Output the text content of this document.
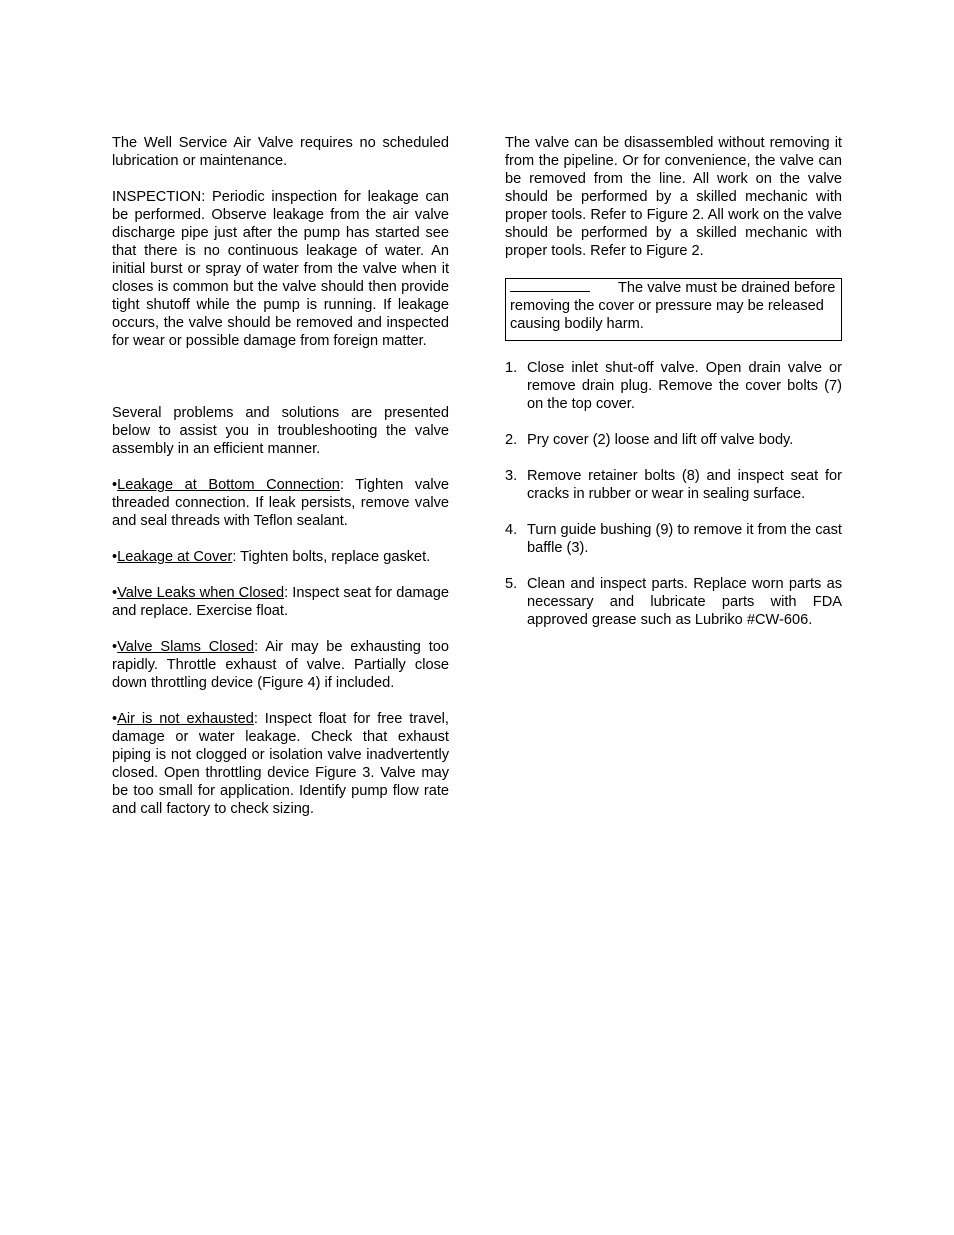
The Well Service Air Valve requires no scheduled lubrication or maintenance.

INSPECTION: Periodic inspection for leakage can be performed. Observe leakage from the air valve discharge pipe just after the pump has started see that there is no continuous leakage of water. An initial burst or spray of water from the valve when it closes is common but the valve should then provide tight shutoff while the pump is running. If leakage occurs, the valve should be removed and inspected for wear or possible damage from foreign matter.

Several problems and solutions are presented below to assist you in troubleshooting the valve assembly in an efficient manner.

•Leakage at Bottom Connection: Tighten valve threaded connection. If leak persists, remove valve and seal threads with Teflon sealant.

•Leakage at Cover: Tighten bolts, replace gasket.

•Valve Leaks when Closed: Inspect seat for damage and replace. Exercise float.

•Valve Slams Closed: Air may be exhausting too rapidly. Throttle exhaust of valve. Partially close down throttling device (Figure 4) if included.

•Air is not exhausted: Inspect float for free travel, damage or water leakage. Check that exhaust piping is not clogged or isolation valve inadvertently closed. Open throttling device Figure 3. Valve may be too small for application. Identify pump flow rate and call factory to check sizing.

The valve can be disassembled without removing it from the pipeline. Or for convenience, the valve can be removed from the line. All work on the valve should be performed by a skilled mechanic with proper tools. Refer to Figure 2. All work on the valve should be performed by a skilled mechanic with proper tools. Refer to Figure 2.

The valve must be drained before removing the cover or pressure may be released causing bodily harm.
1. Close inlet shut-off valve. Open drain valve or remove drain plug. Remove the cover bolts (7) on the top cover.
2. Pry cover (2) loose and lift off valve body.
3. Remove retainer bolts (8) and inspect seat for cracks in rubber or wear in sealing surface.
4. Turn guide bushing (9) to remove it from the cast baffle (3).
5. Clean and inspect parts. Replace worn parts as necessary and lubricate parts with FDA approved grease such as Lubriko #CW-606.
